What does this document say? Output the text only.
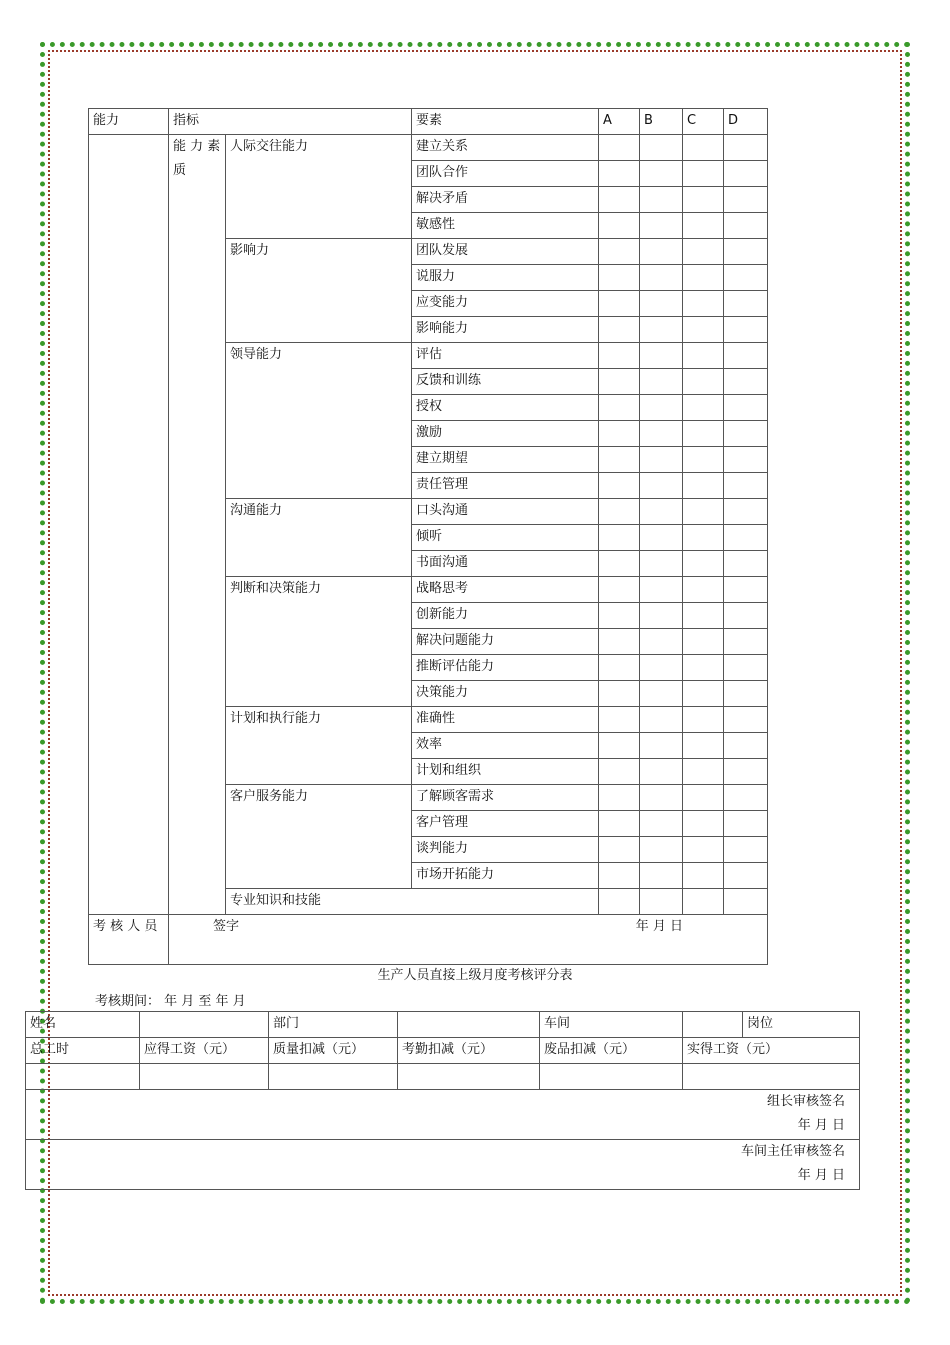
能力	指标		要素	A	B	C	D
	能 力 素质	人际交往能力	建立关系				
			团队合作				
			解决矛盾				
			敏感性				
		影响力	团队发展				
			说服力				
			应变能力				
			影响能力				
		领导能力	评估				
			反馈和训练				
			授权				
			激励				
			建立期望				
			责任管理				
		沟通能力	口头沟通				
			倾听				
			书面沟通				
		判断和决策能力	战略思考				
			创新能力				
			解决问题能力				
			推断评估能力				
			决策能力				
		计划和执行能力	准确性				
			效率				
			计划和组织				
		客户服务能力	了解顾客需求				
			客户管理				
			谈判能力				
			市场开拓能力				
		专业知识和技能					
考 核 人 员	签字 年 月 日						
生产人员直接上级月度考核评分表
考核期间： 年 月 至 年 月
姓名		部门		车间		岗位
总工时	应得工资（元）	质量扣减（元）	考勤扣减（元）	废品扣减（元）	实得工资（元）	

组长审核签名
年 月 日						

车间主任审核签名
年 月 日						
